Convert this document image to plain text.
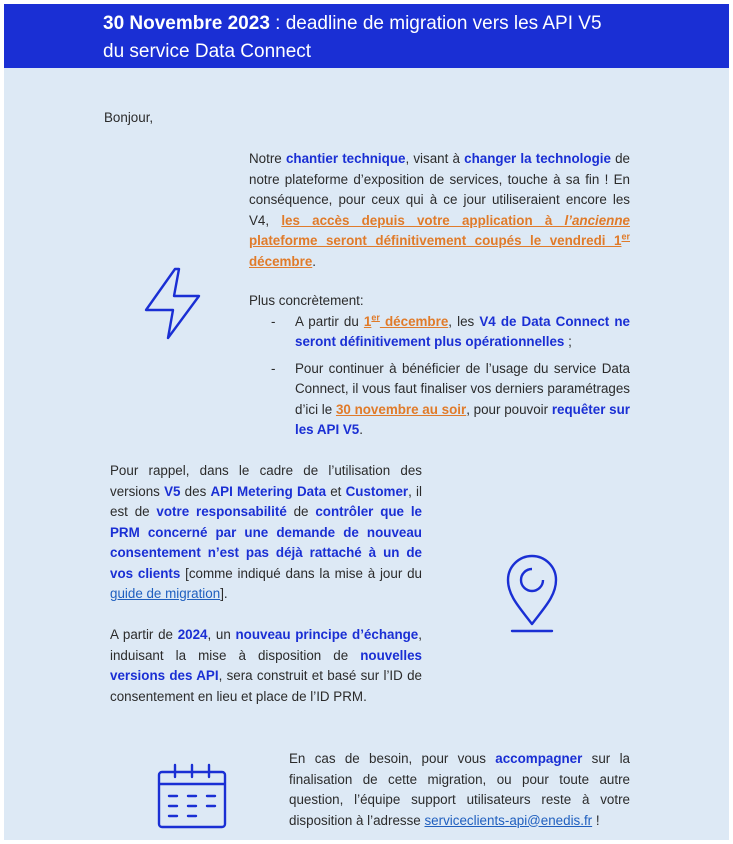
30 Novembre 2023 : deadline de migration vers les API V5 du service Data Connect
Bonjour,
Notre chantier technique, visant à changer la technologie de notre plateforme d’exposition de services, touche à sa fin ! En conséquence, pour ceux qui à ce jour utiliseraient encore les V4, les accès depuis votre application à l’ancienne plateforme seront définitivement coupés le vendredi 1er décembre.
Plus concrètement:
- A partir du 1er décembre, les V4 de Data Connect ne seront définitivement plus opérationnelles ;
- Pour continuer à bénéficier de l’usage du service Data Connect, il vous faut finaliser vos derniers paramétrages d’ici le 30 novembre au soir, pour pouvoir requêter sur les API V5.
Pour rappel, dans le cadre de l’utilisation des versions V5 des API Metering Data et Customer, il est de votre responsabilité de contrôler que le PRM concerné par une demande de nouveau consentement n’est pas déjà rattaché à un de vos clients [comme indiqué dans la mise à jour du guide de migration].
A partir de 2024, un nouveau principe d’échange, induisant la mise à disposition de nouvelles versions des API, sera construit et basé sur l’ID de consentement en lieu et place de l’ID PRM.
En cas de besoin, pour vous accompagner sur la finalisation de cette migration, ou pour toute autre question, l’équipe support utilisateurs reste à votre disposition à l’adresse serviceclients-api@enedis.fr !
